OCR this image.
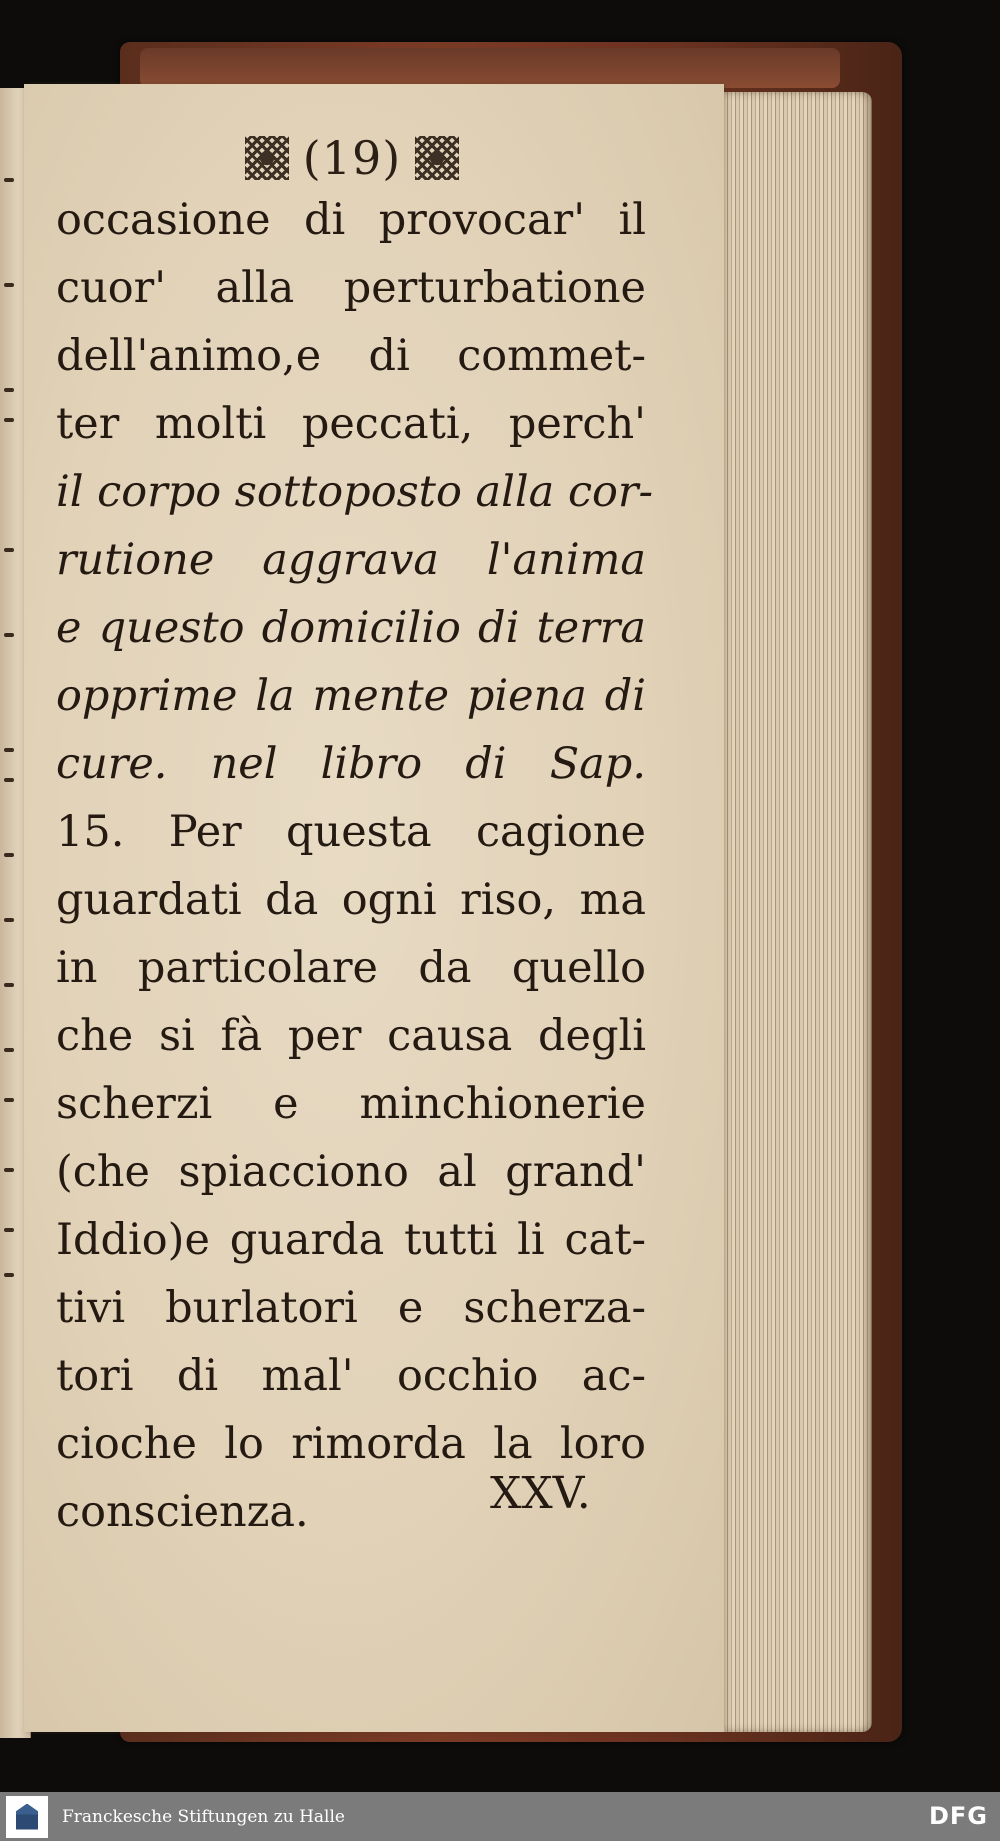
(19)
occasione di provocar' il
cuor' alla perturbatione
dell'animo,e di commet-
ter molti peccati, perch'
il corpo sottoposto alla cor-
rutione aggrava l'anima
e questo domicilio di terra
opprime la mente piena di
cure. nel libro di Sap.
15. Per questa cagione
guardati da ogni riso, ma
in particolare da quello
che si fà per causa degli
scherzi e minchionerie
(che spiacciono al grand'
Iddio)e guarda tutti li cat-
tivi burlatori e scherza-
tori di mal' occhio ac-
cioche lo rimorda la loro
conscienza.	XXV.
Franckesche Stiftungen zu Halle	DFG
